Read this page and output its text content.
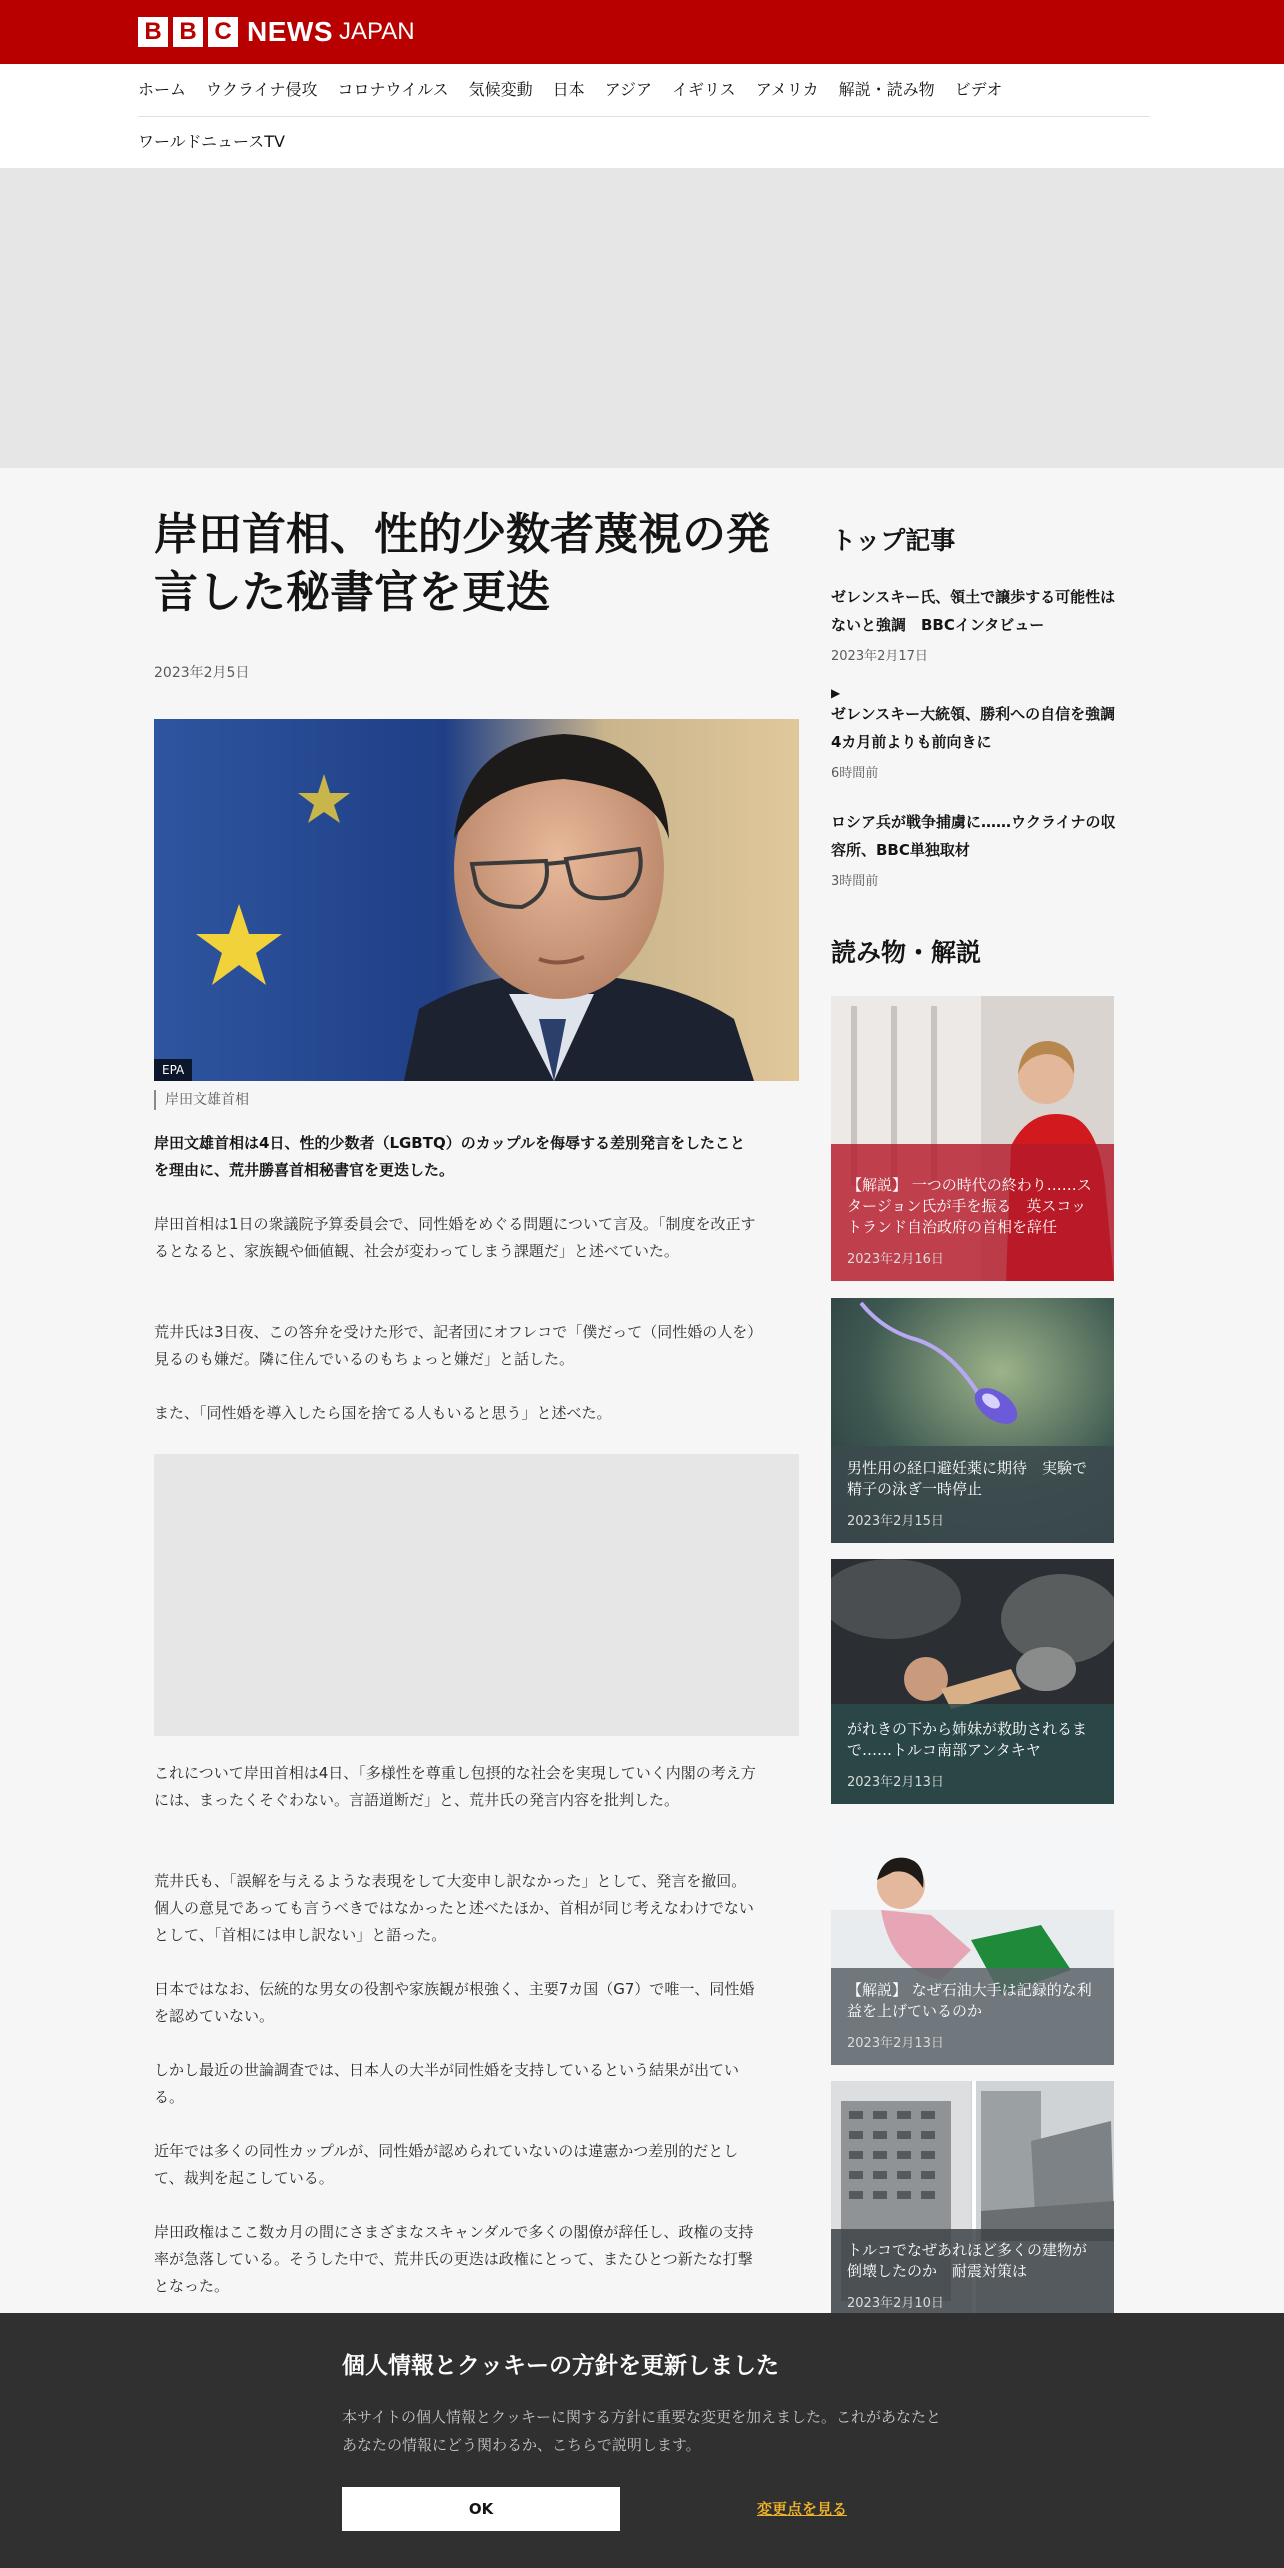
B B C NEWS JAPAN
ホーム ウクライナ侵攻 コロナウイルス 気候変動 日本 アジア イギリス アメリカ 解説・読み物 ビデオ
ワールドニュースTV
岸田首相、性的少数者蔑視の発言した秘書官を更迭
2023年2月5日
EPA
岸田文雄首相

岸田文雄首相は4日、性的少数者（LGBTQ）のカップルを侮辱する差別発言をしたことを理由に、荒井勝喜首相秘書官を更迭した。

岸田首相は1日の衆議院予算委員会で、同性婚をめぐる問題について言及。「制度を改正するとなると、家族観や価値観、社会が変わってしまう課題だ」と述べていた。

荒井氏は3日夜、この答弁を受けた形で、記者団にオフレコで「僕だって（同性婚の人を）見るのも嫌だ。隣に住んでいるのもちょっと嫌だ」と話した。

また、「同性婚を導入したら国を捨てる人もいると思う」と述べた。

これについて岸田首相は4日、「多様性を尊重し包摂的な社会を実現していく内閣の考え方には、まったくそぐわない。言語道断だ」と、荒井氏の発言内容を批判した。

荒井氏も、「誤解を与えるような表現をして大変申し訳なかった」として、発言を撤回。個人の意見であっても言うべきではなかったと述べたほか、首相が同じ考えなわけでないとして、「首相には申し訳ない」と語った。

日本ではなお、伝統的な男女の役割や家族観が根強く、主要7カ国（G7）で唯一、同性婚を認めていない。

しかし最近の世論調査では、日本人の大半が同性婚を支持しているという結果が出ている。

近年では多くの同性カップルが、同性婚が認められていないのは違憲かつ差別的だとして、裁判を起こしている。

岸田政権はここ数カ月の間にさまざまなスキャンダルで多くの閣僚が辞任し、政権の支持率が急落している。そうした中で、荒井氏の更迭は政権にとって、またひとつ新たな打撃となった。

トップ記事
ゼレンスキー氏、領土で譲歩する可能性はないと強調　BBCインタビュー
2023年2月17日
▶
ゼレンスキー大統領、勝利への自信を強調　4カ月前よりも前向きに
6時間前
ロシア兵が戦争捕虜に……ウクライナの収容所、BBC単独取材
3時間前
読み物・解説
【解説】 一つの時代の終わり……スタージョン氏が手を振る　英スコットランド自治政府の首相を辞任
2023年2月16日
男性用の経口避妊薬に期待　実験で精子の泳ぎ一時停止
2023年2月15日
がれきの下から姉妹が救助されるまで……トルコ南部アンタキヤ
2023年2月13日
【解説】 なぜ石油大手は記録的な利益を上げているのか
2023年2月13日
トルコでなぜあれほど多くの建物が倒壊したのか　耐震対策は
2023年2月10日
個人情報とクッキーの方針を更新しました

本サイトの個人情報とクッキーに関する方針に重要な変更を加えました。これがあなたとあなたの情報にどう関わるか、こちらで説明します。

OK	変更点を見る
